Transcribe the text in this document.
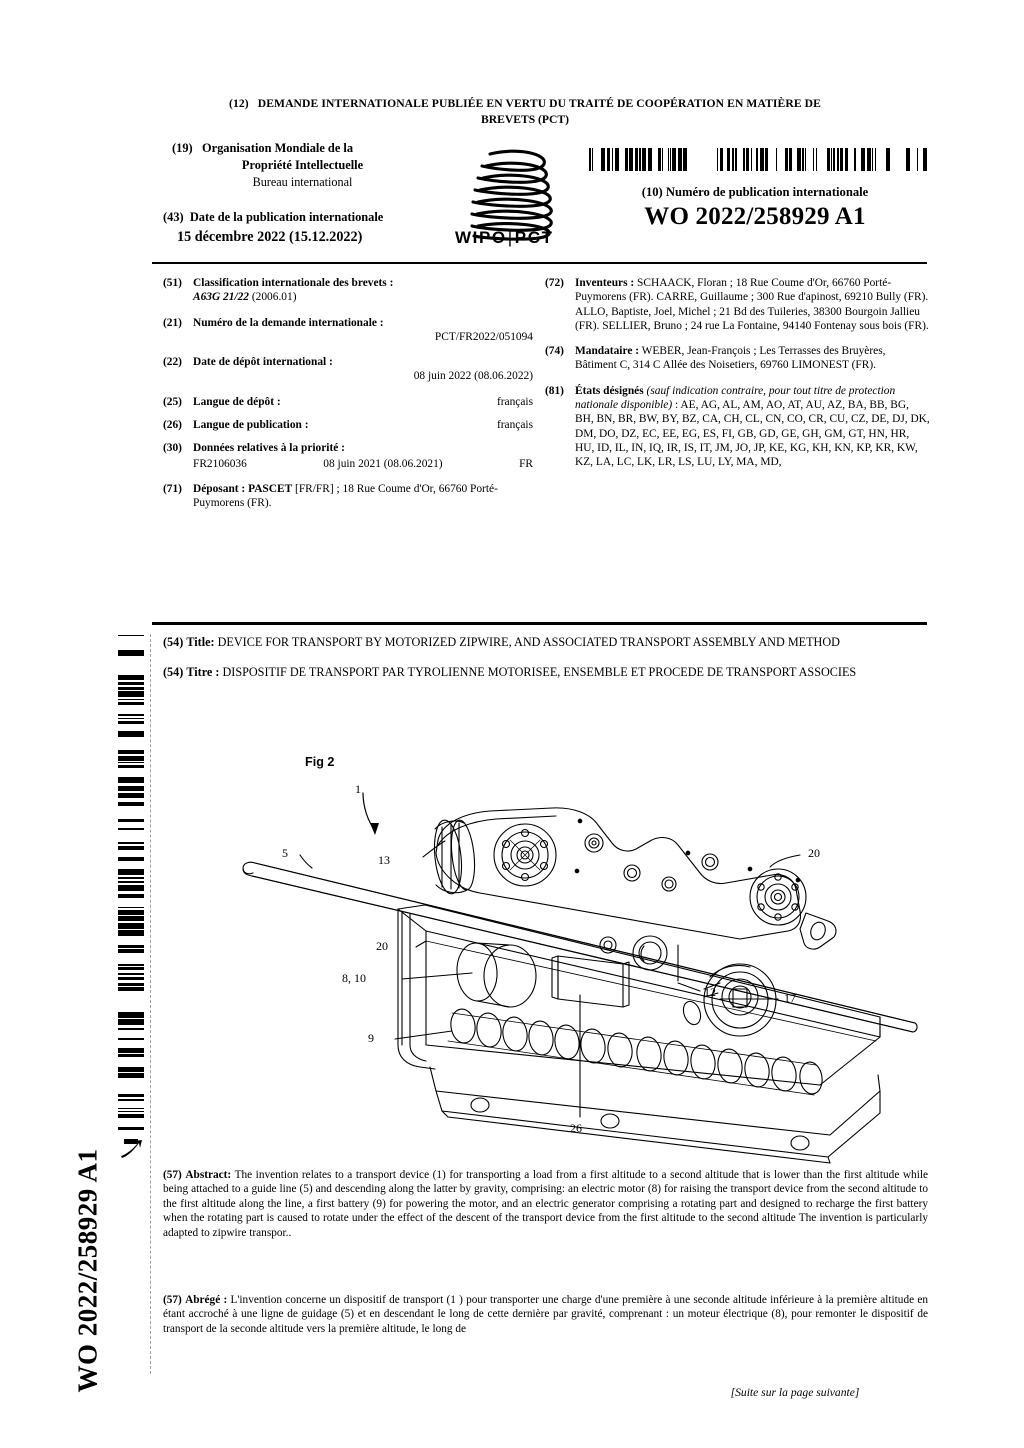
(12) DEMANDE INTERNATIONALE PUBLIÉE EN VERTU DU TRAITÉ DE COOPÉRATION EN MATIÈRE DE
BREVETS (PCT)
(19) Organisation Mondiale de la
Propriété Intellectuelle
Bureau international
(43) Date de la publication internationale
15 décembre 2022 (15.12.2022)	WIPO|PCT
(10) Numéro de publication internationale
WO 2022/258929 A1
(51) Classification internationale des brevets :
A63G 21/22 (2006.01)
(21) Numéro de la demande internationale :
PCT/FR2022/051094
(22) Date de dépôt international :
08 juin 2022 (08.06.2022)
(25) Langue de dépôt :	français
(26) Langue de publication :	français
(30) Données relatives à la priorité :
FR2106036	08 juin 2021 (08.06.2021)	FR
(71) Déposant : PASCET [FR/FR] ; 18 Rue Coume d'Or, 66760 Porté-Puymorens (FR).
(72) Inventeurs : SCHAACK, Floran ; 18 Rue Coume d'Or, 66760 Porté-Puymorens (FR). CARRE, Guillaume ; 300 Rue d'apinost, 69210 Bully (FR). ALLO, Baptiste, Joel, Michel ; 21 Bd des Tuileries, 38300 Bourgoin Jallieu (FR). SELLIER, Bruno ; 24 rue La Fontaine, 94140 Fontenay sous bois (FR).
(74) Mandataire : WEBER, Jean-François ; Les Terrasses des Bruyères, Bâtiment C, 314 C Allée des Noisetiers, 69760 LIMONEST (FR).
(81) États désignés (sauf indication contraire, pour tout titre de protection nationale disponible) : AE, AG, AL, AM, AO, AT, AU, AZ, BA, BB, BG, BH, BN, BR, BW, BY, BZ, CA, CH, CL, CN, CO, CR, CU, CZ, DE, DJ, DK, DM, DO, DZ, EC, EE, EG, ES, FI, GB, GD, GE, GH, GM, GT, HN, HR, HU, ID, IL, IN, IQ, IR, IS, IT, JM, JO, JP, KE, KG, KH, KN, KP, KR, KW, KZ, LA, LC, LK, LR, LS, LU, LY, MA, MD,
(54) Title: DEVICE FOR TRANSPORT BY MOTORIZED ZIPWIRE, AND ASSOCIATED TRANSPORT ASSEMBLY AND METHOD
(54) Titre : DISPOSITIF DE TRANSPORT PAR TYROLIENNE MOTORISEE, ENSEMBLE ET PROCEDE DE TRANSPORT ASSOCIES
WO 2022/258929 A1
Fig 2
1
5	13	20
20
8, 10
9
26
12	17
(57) Abstract: The invention relates to a transport device (1) for transporting a load from a first altitude to a second altitude that is lower than the first altitude while being attached to a guide line (5) and descending along the latter by gravity, comprising: an electric motor (8) for raising the transport device from the second altitude to the first altitude along the line, a first battery (9) for powering the motor, and an electric generator comprising a rotating part and designed to recharge the first battery when the rotating part is caused to rotate under the effect of the descent of the transport device from the first altitude to the second altitude The invention is particularly adapted to zipwire transpor..
(57) Abrégé : L'invention concerne un dispositif de transport (1 ) pour transporter une charge d'une première à une seconde altitude inférieure à la première altitude en étant accroché à une ligne de guidage (5) et en descendant le long de cette dernière par gravité, comprenant : un moteur électrique (8), pour remonter le dispositif de transport de la seconde altitude vers la première altitude, le long de
[Suite sur la page suivante]
